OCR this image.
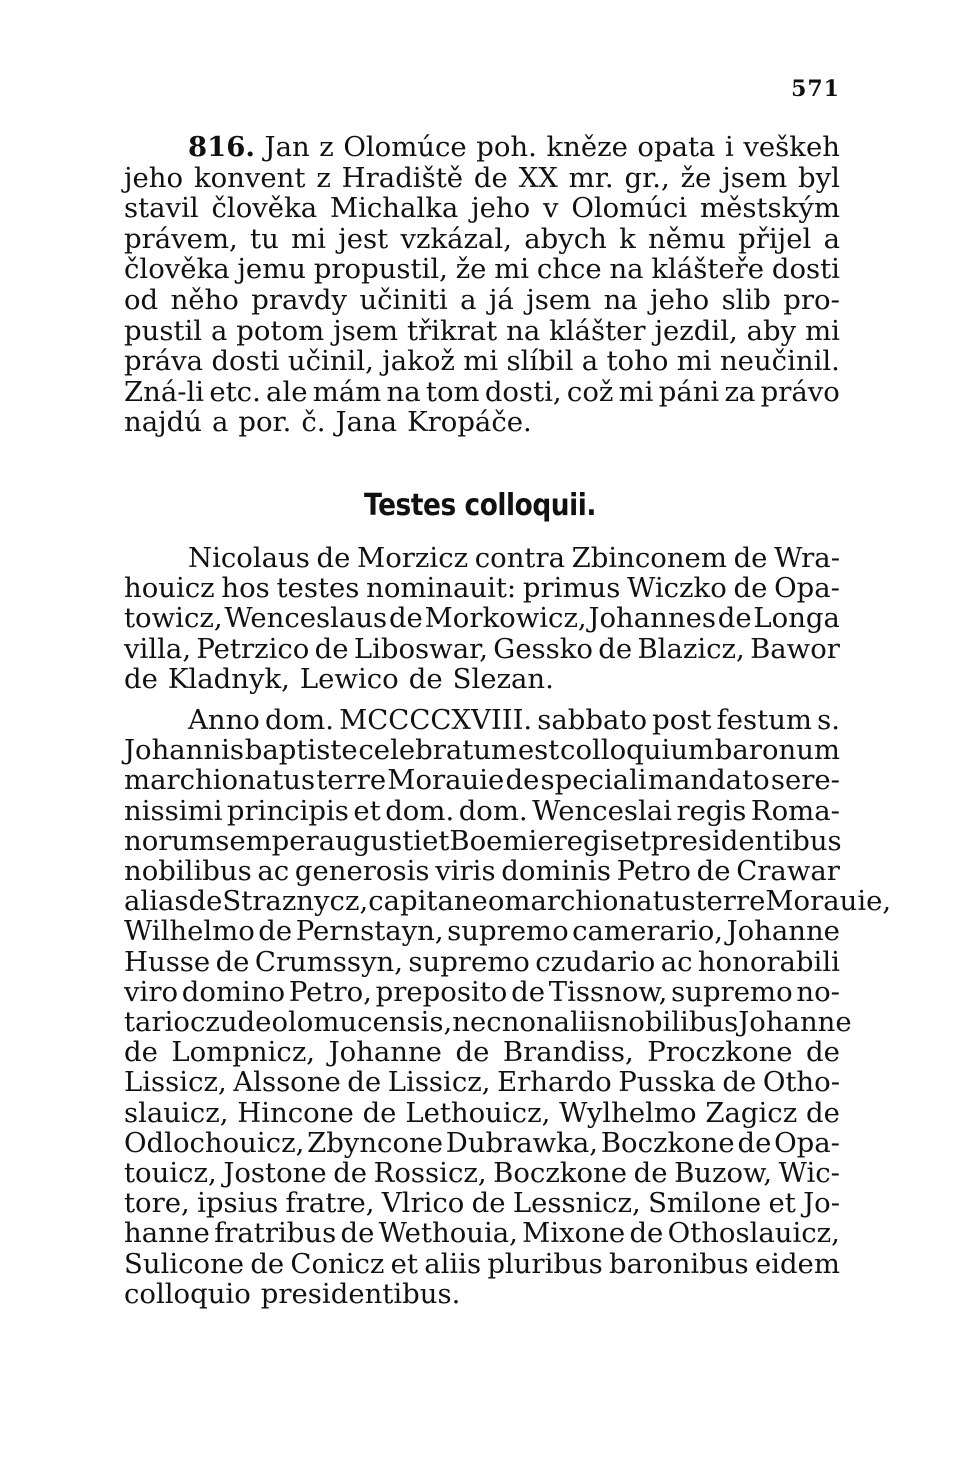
571

816. Jan z Olomúce poh. kněze opata i veškeh

jeho konvent z Hradiště de XX mr. gr., že jsem byl

stavil člověka Michalka jeho v Olomúci městským

právem, tu mi jest vzkázal, abych k němu přijel a

člověka jemu propustil, že mi chce na klášteře dosti

od něho pravdy učiniti a já jsem na jeho slib pro-

pustil a potom jsem třikrat na klášter jezdil, aby mi

práva dosti učinil, jakož mi slíbil a toho mi neučinil.

Zná-li etc. ale mám na tom dosti, což mi páni za právo

najdú a por. č. Jana Kropáče.

Testes colloquii.

Nicolaus de Morzicz contra Zbinconem de Wra-

houicz hos testes nominauit: primus Wiczko de Opa-

towicz, Wenceslaus de Morkowicz, Johannes de Longa

villa, Petrzico de Liboswar, Gessko de Blazicz, Bawor

de Kladnyk, Lewico de Slezan.

Anno dom. MCCCCXVIII. sabbato post festum s.

Johannis baptiste celebratum est colloquium baronum

marchionatus terre Morauie de speciali mandato sere-

nissimi principis et dom. dom. Wenceslai regis Roma-

norum semper augusti et Boemie regis et presidentibus

nobilibus ac generosis viris dominis Petro de Crawar

alias de Straznycz, capitaneo marchionatus terre Morauie,

Wilhelmo de Pernstayn, supremo camerario, Johanne

Husse de Crumssyn, supremo czudario ac honorabili

viro domino Petro, preposito de Tissnow, supremo no-

tario czude olomucensis, nec non aliis nobilibus Johanne

de Lompnicz, Johanne de Brandiss, Proczkone de

Lissicz, Alssone de Lissicz, Erhardo Pusska de Otho-

slauicz, Hincone de Lethouicz, Wylhelmo Zagicz de

Odlochouicz, Zbyncone Dubrawka, Boczkone de Opa-

touicz, Jostone de Rossicz, Boczkone de Buzow, Wic-

tore, ipsius fratre, Vlrico de Lessnicz, Smilone et Jo-

hanne fratribus de Wethouia, Mixone de Othoslauicz,

Sulicone de Conicz et aliis pluribus baronibus eidem

colloquio presidentibus.
